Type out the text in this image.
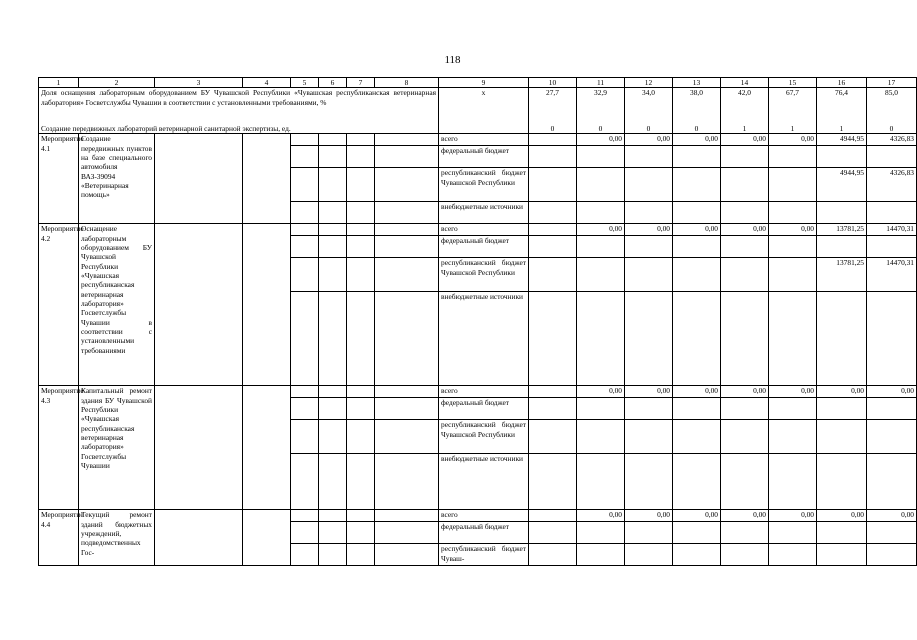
118
1	2	3	4	5	6	7	8	9	10	11	12	13	14	15	16	17
Доля оснащения лабораторным оборудованием БУ Чувашской Республики «Чувашская республиканская ветеринарная лаборатория» Госветслужбы Чувашии в соответствии с установленными требованиями, %								х	27,7	32,9	34,0	38,0	42,0	67,7	76,4	85,0
Создание передвижных лабораторий ветеринарной санитарной экспертизы, ед.									0	0	0	0	1	1	1	0
Мероприятие 4.1	Создание передвижных пунктов на базе специального автомобиля ВАЗ-39094 «Ветеринарная помощь»							всего		0,00	0,00	0,00	0,00	0,00	4944,95	4326,83
								федеральный бюджет								
								республиканский бюджет Чувашской Республики							4944,95	4326,83
								внебюджетные источники								
Мероприятие 4.2	Оснащение лабораторным оборудованием БУ Чувашской Республики «Чувашская республиканская ветеринарная лаборатория» Госветслужбы Чувашии в соответствии с установленными требованиями							всего		0,00	0,00	0,00	0,00	0,00	13781,25	14470,31
								федеральный бюджет								
								республиканский бюджет Чувашской Республики							13781,25	14470,31
								внебюджетные источники								
Мероприятие 4.3	Капитальный ремонт здания БУ Чувашской Республики «Чувашская республиканская ветеринарная лаборатория» Госветслужбы Чувашии							всего		0,00	0,00	0,00	0,00	0,00	0,00	0,00
								федеральный бюджет								
								республиканский бюджет Чувашской Республики								
								внебюджетные источники								
Мероприятие 4.4	Текущий ремонт зданий бюджетных учреждений, подведомственных Гос-							всего		0,00	0,00	0,00	0,00	0,00	0,00	0,00
								федеральный бюджет								
								республиканский бюджет Чуваш-								
